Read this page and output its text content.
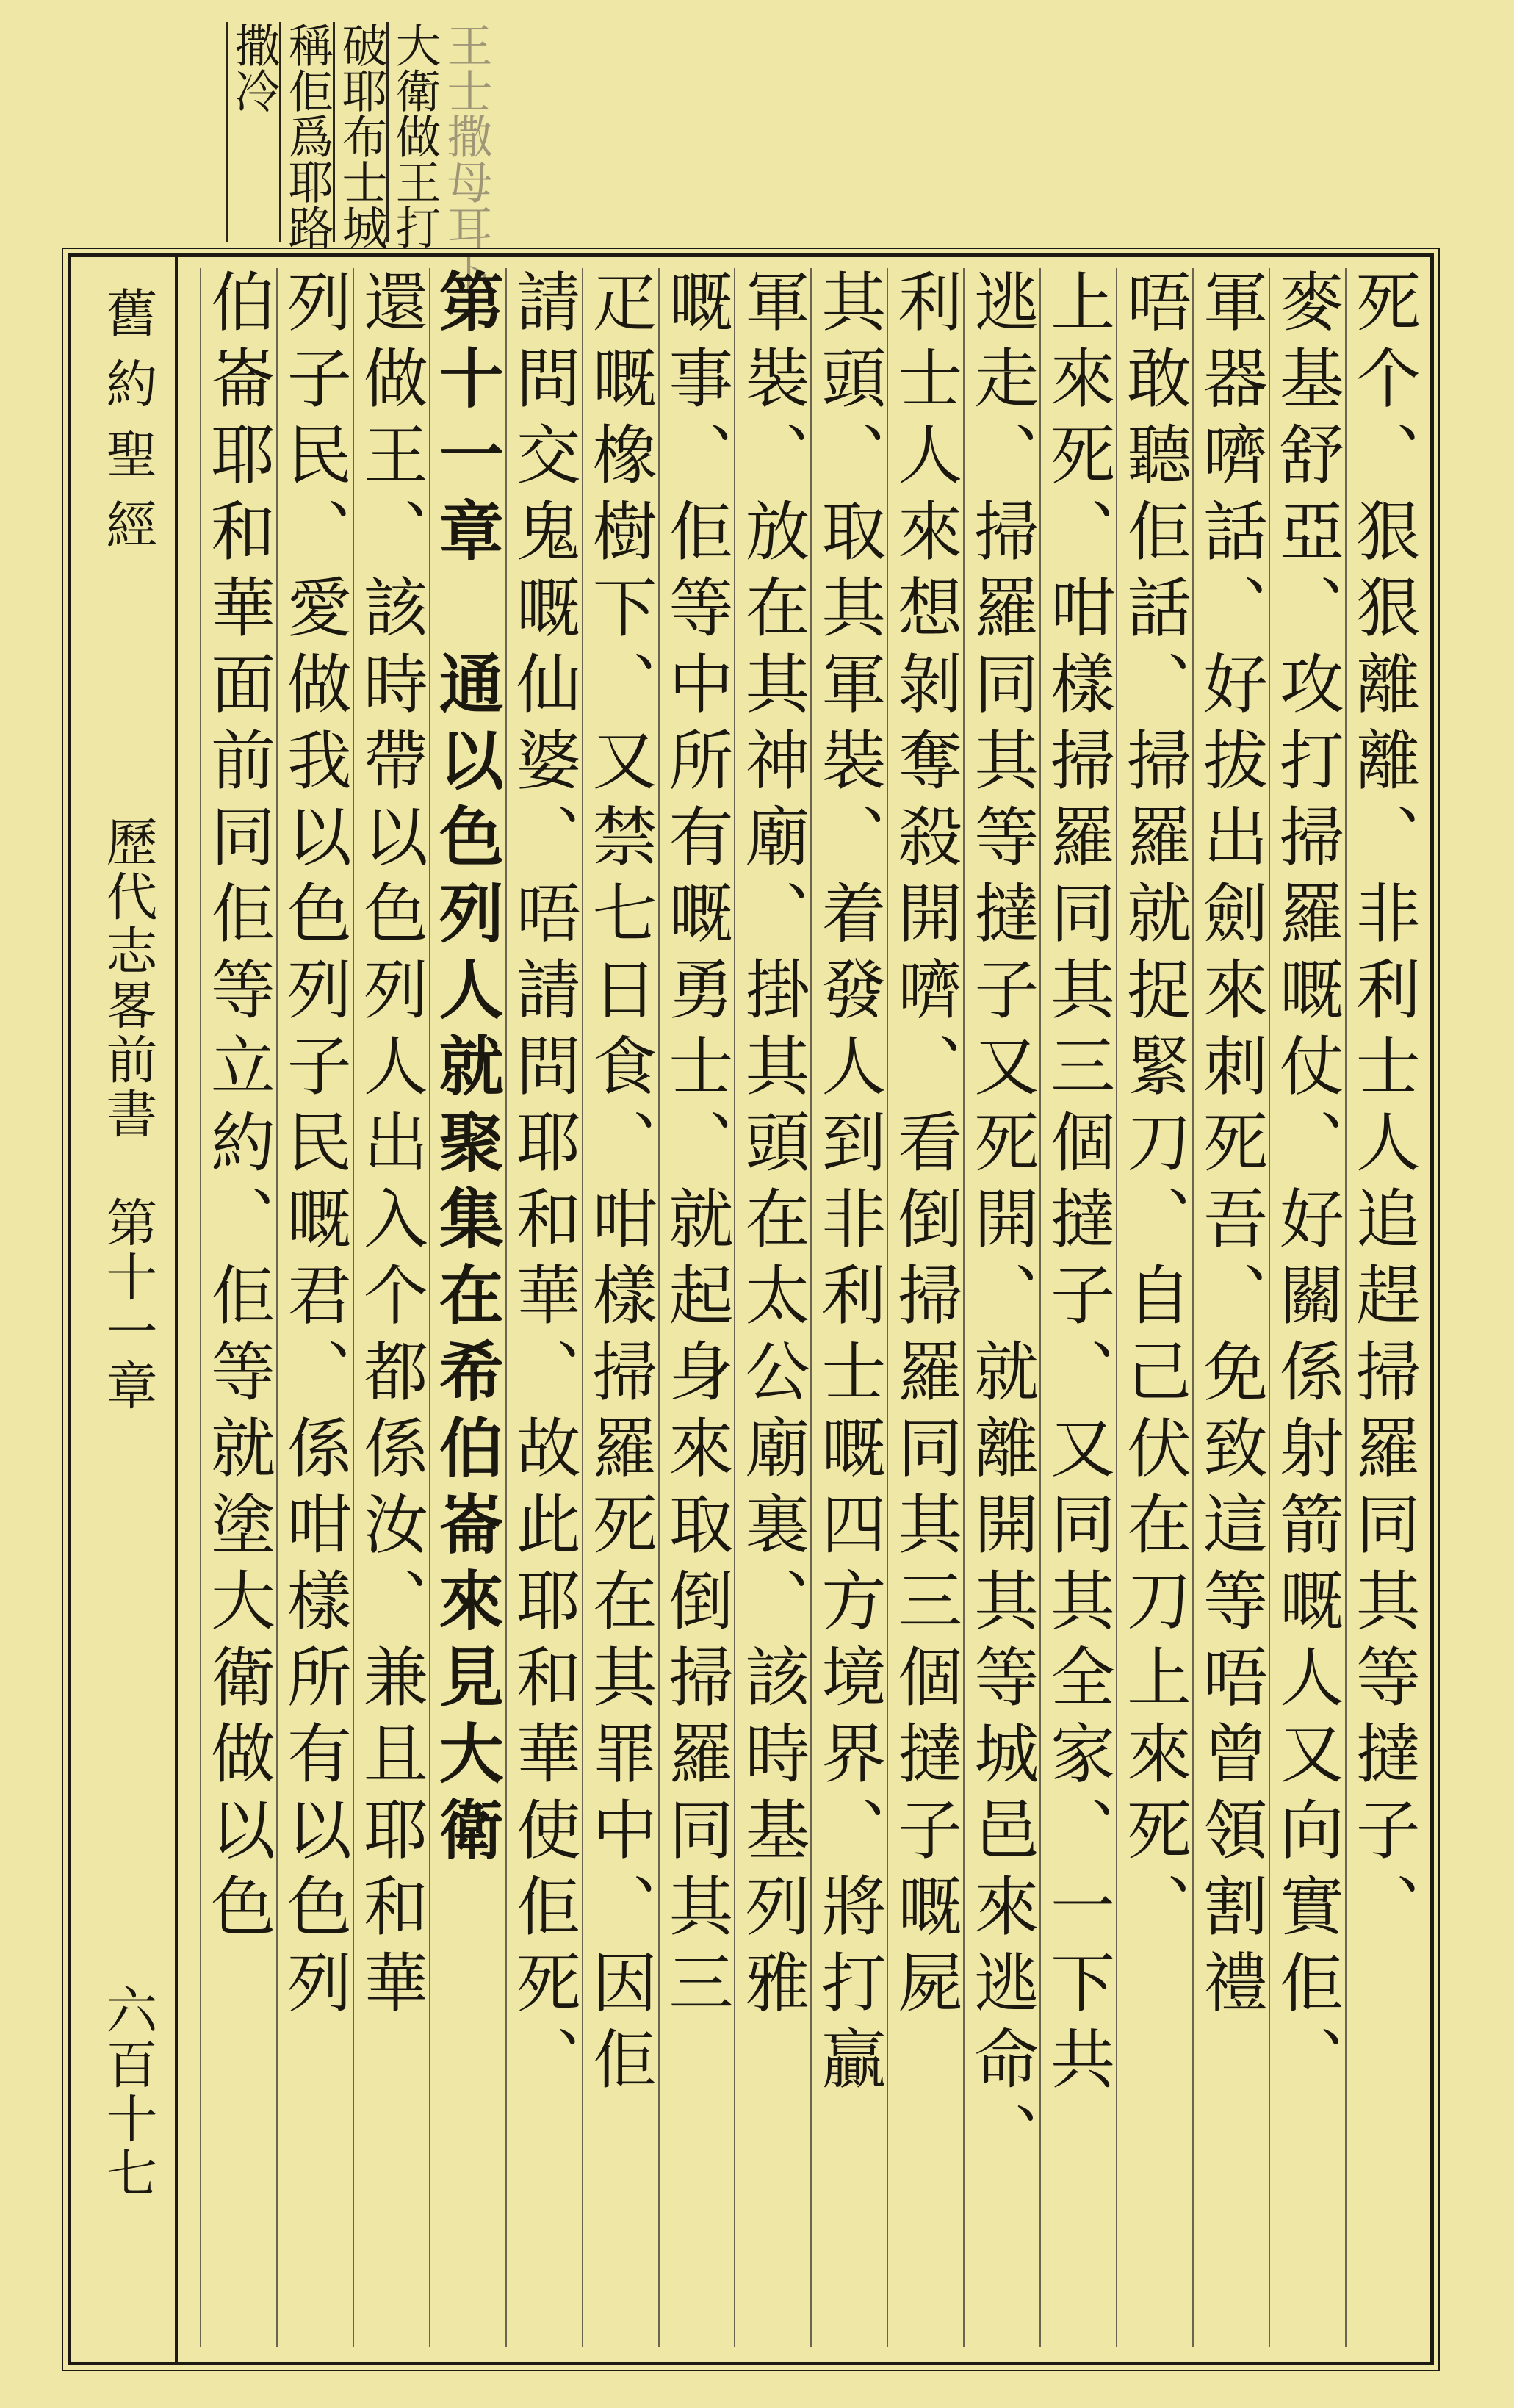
王士撒母耳下
大衛做王打
破耶布士城
稱佢爲耶路
撒冷
舊約聖經
歷代志畧前書　第十一章
六百十七
死个、狠狠離離、非利士人追趕掃羅同其等撻子、
麥基舒亞、攻打掃羅嘅仗、好關係射箭嘅人又向實佢、
軍器嚌話、好拔出劍來刺死吾、免致這等唔曾領割禮
唔敢聽佢話、掃羅就捉緊刀、自己伏在刀上來死、
上來死、咁樣掃羅同其三個撻子、又同其全家、一下共
逃走、掃羅同其等撻子又死開、就離開其等城邑來逃命、
利士人來想剝奪殺開嚌、看倒掃羅同其三個撻子嘅屍
其頭、取其軍裝、着發人到非利士嘅四方境界、將打贏
軍裝、放在其神廟、掛其頭在太公廟裏、該時基列雅
嘅事、佢等中所有嘅勇士、就起身來取倒掃羅同其三
疋嘅橡樹下、又禁七日食、咁樣掃羅死在其罪中、因佢
請問交鬼嘅仙婆、唔請問耶和華、故此耶和華使佢死、
第十一章　通以色列人就聚集在希伯崙來見大衛
還做王、該時帶以色列人出入个都係汝、兼且耶和華
列子民、愛做我以色列子民嘅君、係咁樣所有以色列
伯崙耶和華面前同佢等立約、佢等就塗大衛做以色
